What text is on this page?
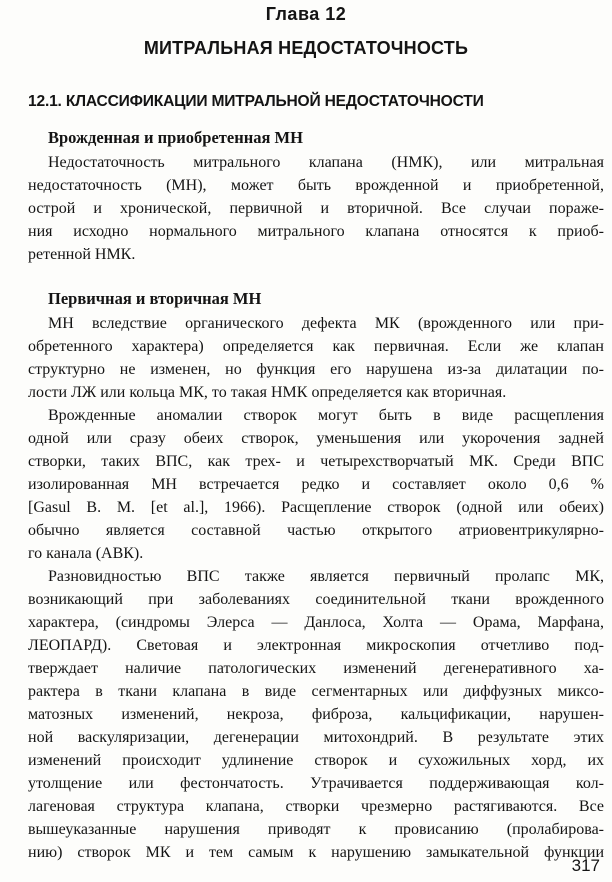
Глава 12
МИТРАЛЬНАЯ НЕДОСТАТОЧНОСТЬ
12.1. КЛАССИФИКАЦИИ МИТРАЛЬНОЙ НЕДОСТАТОЧНОСТИ
Врожденная и приобретенная МН
Недостаточность митрального клапана (НМК), или митральная
недостаточность (МН), может быть врожденной и приобретенной,
острой и хронической, первичной и вторичной. Все случаи пораже-
ния исходно нормального митрального клапана относятся к приоб-
ретенной НМК.
Первичная и вторичная МН
МН вследствие органического дефекта МК (врожденного или при-
обретенного характера) определяется как первичная. Если же клапан
структурно не изменен, но функция его нарушена из-за дилатации по-
лости ЛЖ или кольца МК, то такая НМК определяется как вторичная.
Врожденные аномалии створок могут быть в виде расщепления
одной или сразу обеих створок, уменьшения или укорочения задней
створки, таких ВПС, как трех- и четырехстворчатый МК. Среди ВПС
изолированная МН встречается редко и составляет около 0,6 %
[Gasul B. M. [et al.], 1966). Расщепление створок (одной или обеих)
обычно является составной частью открытого атриовентрикулярно-
го канала (АВК).
Разновидностью ВПС также является первичный пролапс МК,
возникающий при заболеваниях соединительной ткани врожденного
характера, (синдромы Элерса — Данлоса, Холта — Орама, Марфана,
ЛЕОПАРД). Световая и электронная микроскопия отчетливо под-
тверждает наличие патологических изменений дегенеративного ха-
рактера в ткани клапана в виде сегментарных или диффузных миксо-
матозных изменений, некроза, фиброза, кальцификации, нарушен-
ной васкуляризации, дегенерации митохондрий. В результате этих
изменений происходит удлинение створок и сухожильных хорд, их
утолщение или фестончатость. Утрачивается поддерживающая кол-
лагеновая структура клапана, створки чрезмерно растягиваются. Все
вышеуказанные нарушения приводят к провисанию (пролабирова-
нию) створок МК и тем самым к нарушению замыкательной функции
317
